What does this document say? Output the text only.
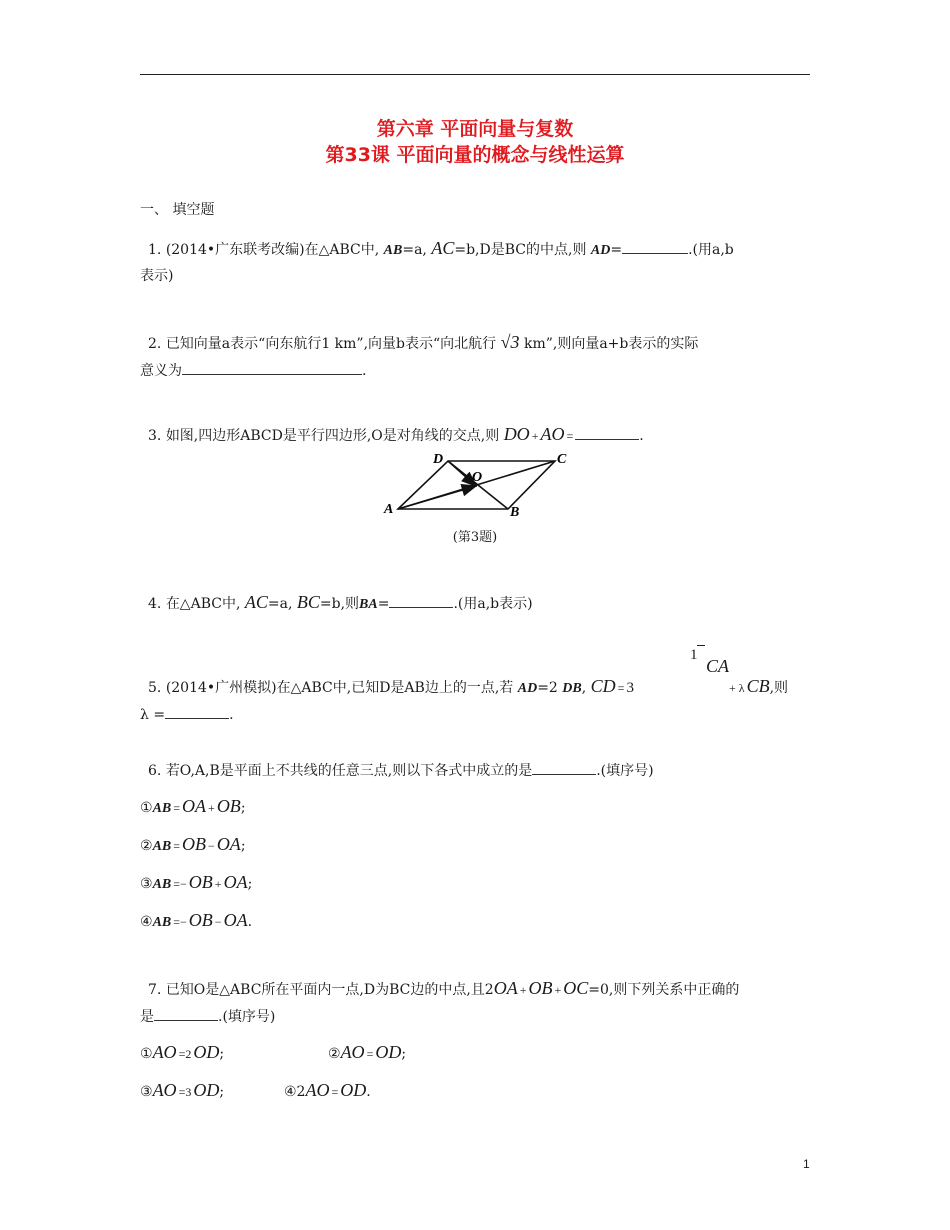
第六章 平面向量与复数
第33课 平面向量的概念与线性运算
一、 填空题
1. (2014•广东联考改编)在△ABC中, AB=a, AC=b,D是BC的中点,则 AD=	.(用a,b
表示)
2. 已知向量a表示“向东航行1 km”,向量b表示“向北航行 √3 km”,则向量a+b表示的实际
意义为	.
3. 如图,四边形ABCD是平行四边形,O是对角线的交点,则 DO + AO =	.
A	B
C
D
O
(第3题)
4. 在△ABC中, AC=a, BC=b,则BA=	.(用a,b表示)
1
5. (2014•广州模拟)在△ABC中,已知D是AB边上的一点,若 AD=2 DB, CD = 3
CA
+ λ CB,则
λ =	.
6. 若O,A,B是平面上不共线的任意三点,则以下各式中成立的是	.(填序号)
①AB = OA + OB;
②AB = OB − OA;
③AB =− OB + OA;
④AB =− OB − OA.
7. 已知O是△ABC所在平面内一点,D为BC边的中点,且2OA + OB + OC=0,则下列关系中正确的
是	.(填序号)
①AO =2 OD;	②AO = OD;
③AO =3 OD;	④2AO = OD.
1
